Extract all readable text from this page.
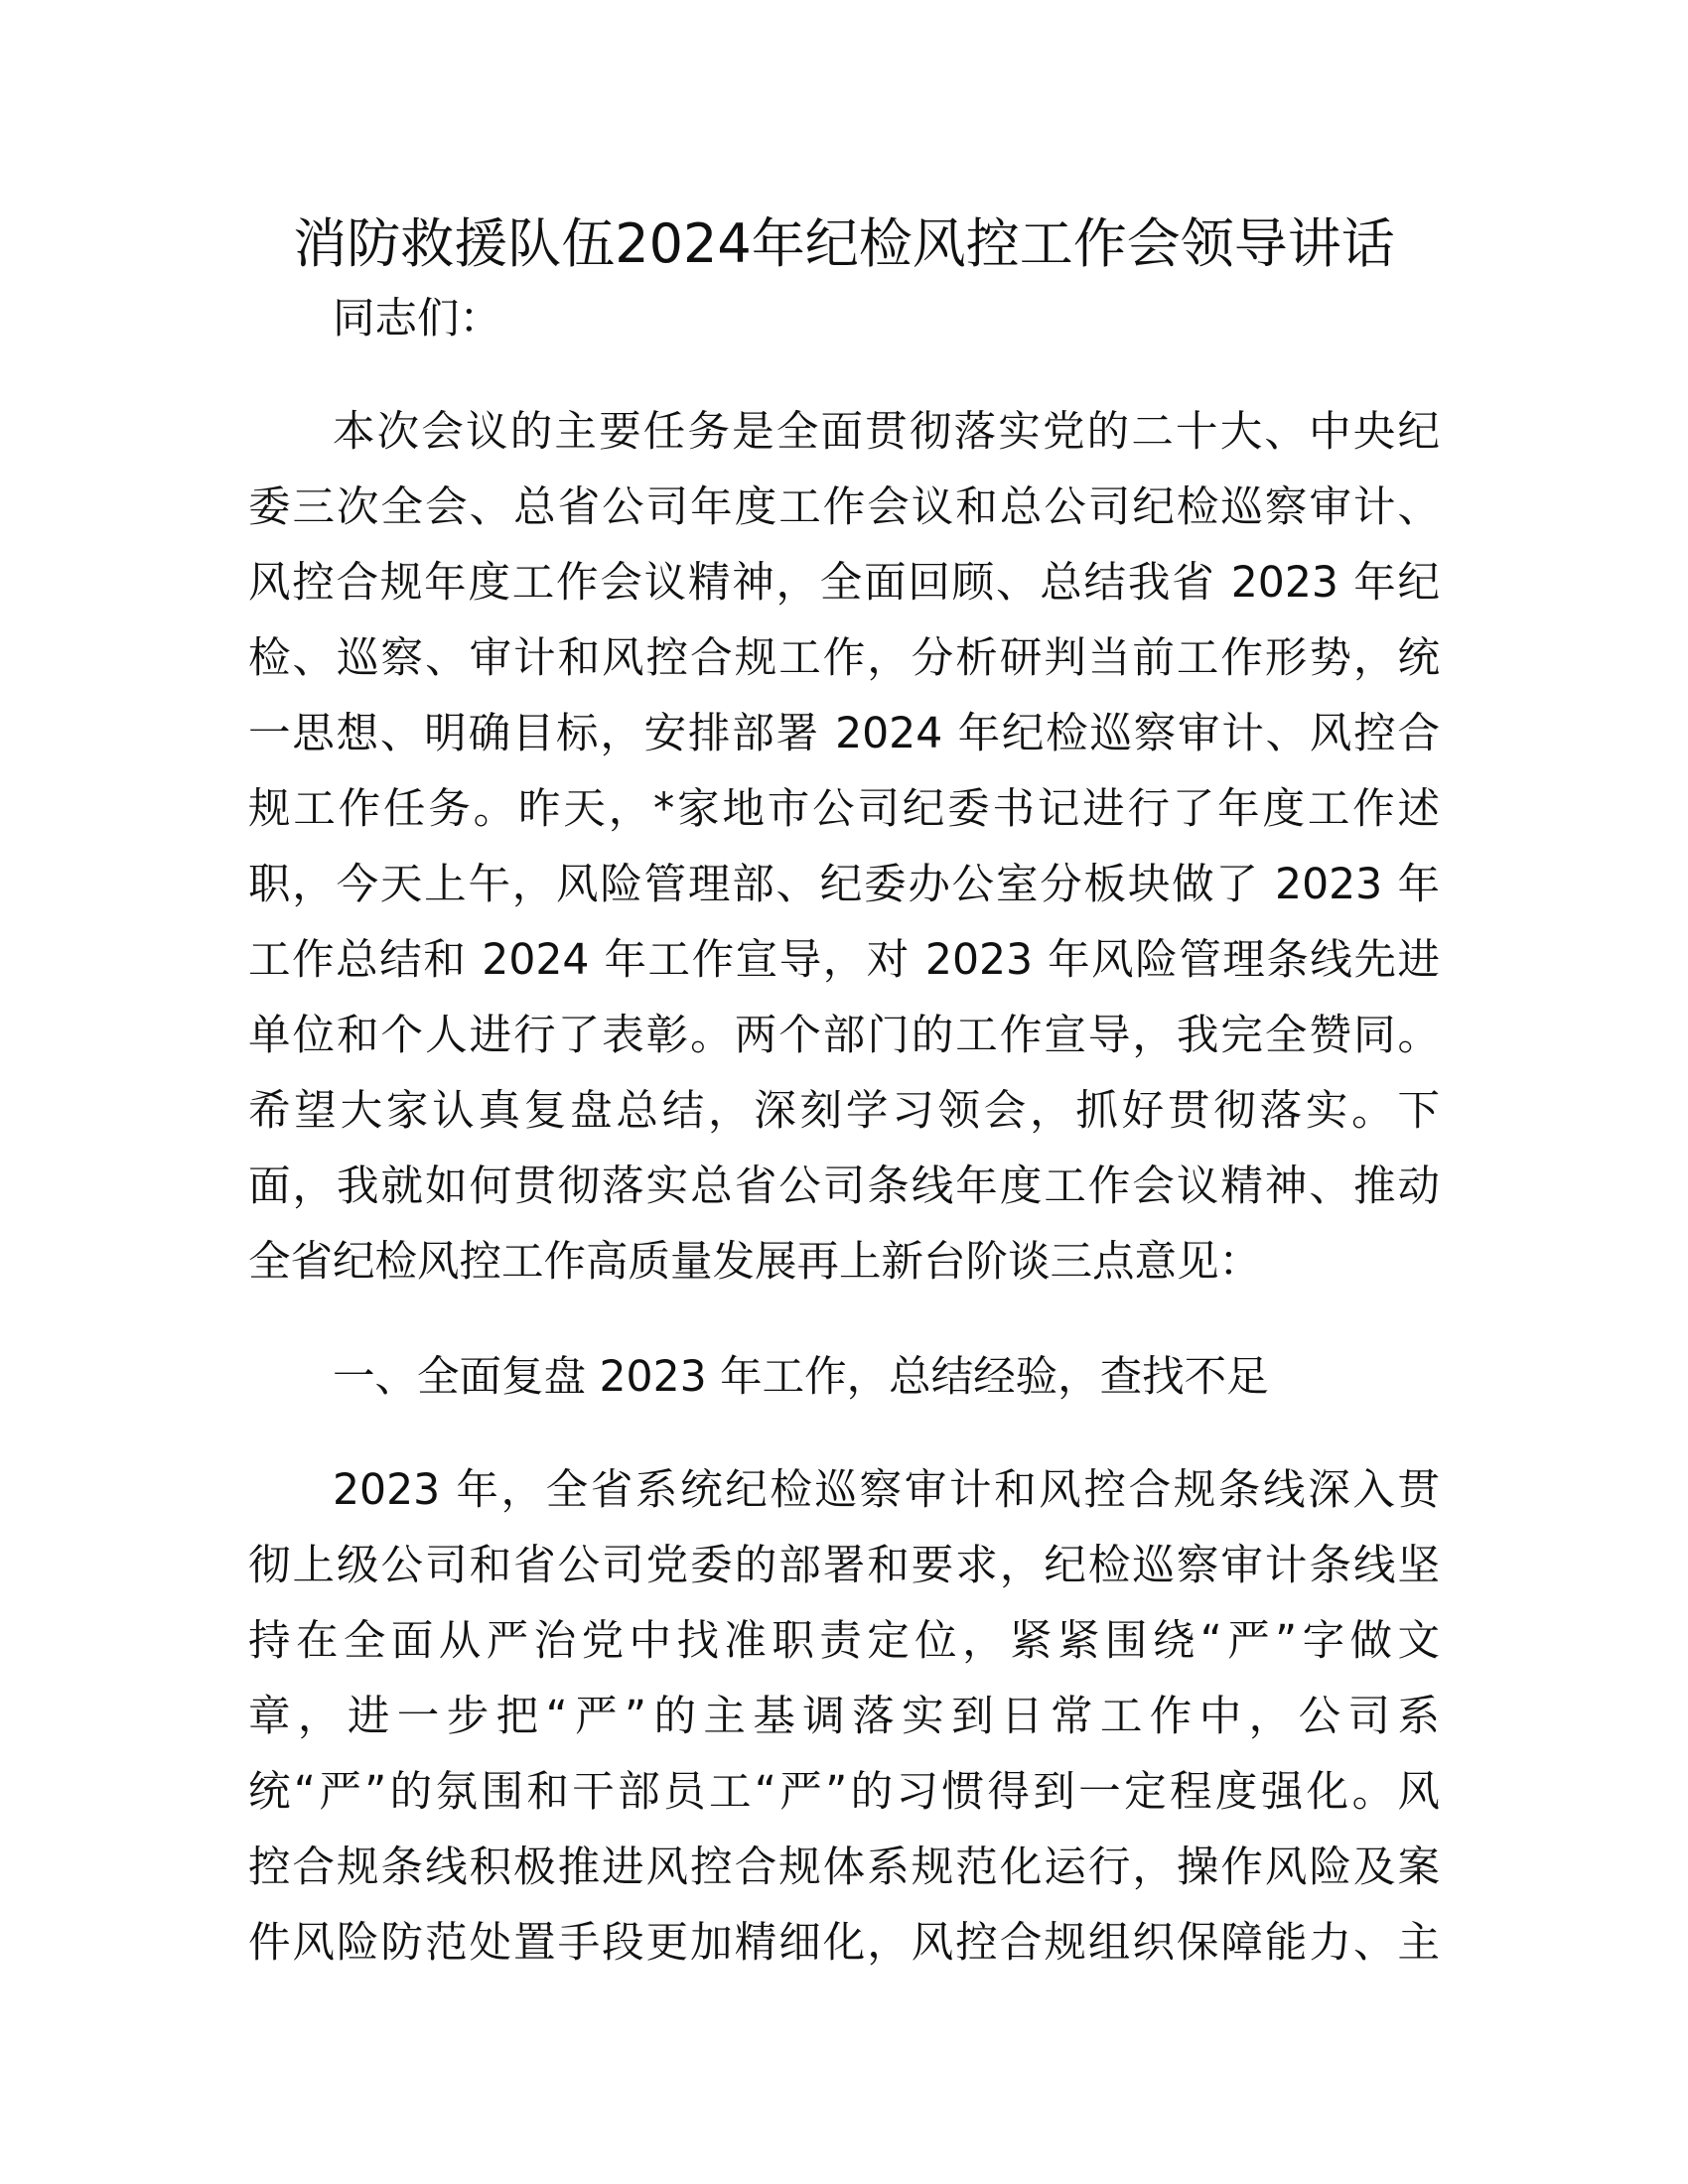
消防救援队伍2024年纪检风控工作会领导讲话
同志们：
本次会议的主要任务是全面贯彻落实党的二十大、中央纪
委三次全会、总省公司年度工作会议和总公司纪检巡察审计、
风控合规年度工作会议精神，全面回顾、总结我省 2023 年纪
检、巡察、审计和风控合规工作，分析研判当前工作形势，统
一思想、明确目标，安排部署 2024 年纪检巡察审计、风控合
规工作任务。昨天，*家地市公司纪委书记进行了年度工作述
职，今天上午，风险管理部、纪委办公室分板块做了 2023 年
工作总结和 2024 年工作宣导，对 2023 年风险管理条线先进
单位和个人进行了表彰。两个部门的工作宣导，我完全赞同。
希望大家认真复盘总结，深刻学习领会，抓好贯彻落实。下
面，我就如何贯彻落实总省公司条线年度工作会议精神、推动
全省纪检风控工作高质量发展再上新台阶谈三点意见：
一、全面复盘 2023 年工作，总结经验，查找不足
2023 年，全省系统纪检巡察审计和风控合规条线深入贯
彻上级公司和省公司党委的部署和要求，纪检巡察审计条线坚
持在全面从严治党中找准职责定位，紧紧围绕“严”字做文
章，进一步把“严”的主基调落实到日常工作中，公司系
统“严”的氛围和干部员工“严”的习惯得到一定程度强化。风
控合规条线积极推进风控合规体系规范化运行，操作风险及案
件风险防范处置手段更加精细化，风控合规组织保障能力、主
